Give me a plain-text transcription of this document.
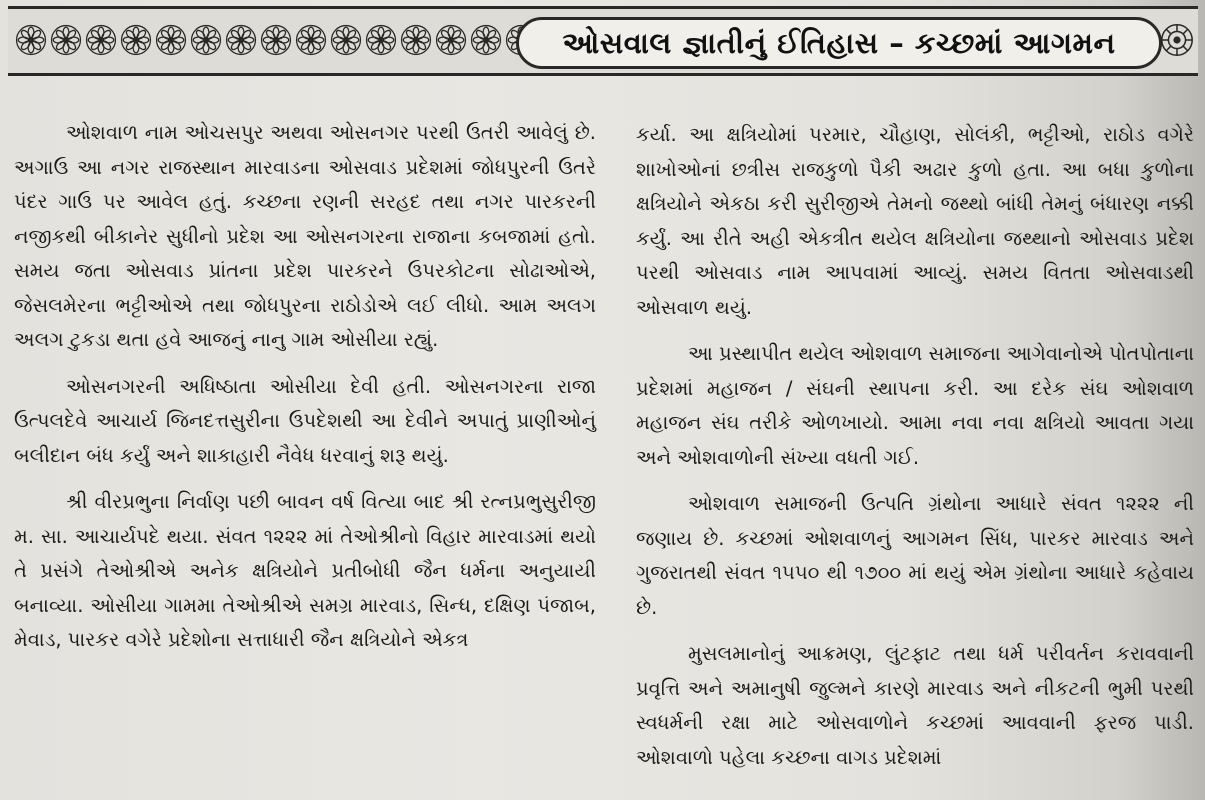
ઓસવાલ જ્ઞાતીનું ઈતિહાસ – કચ્છમાં આગમન

ઓશવાળ નામ ઓચસપુર અથવા ઓસનગર પરથી ઉતરી આવેલું છે. અગાઉ આ નગર રાજસ્થાન મારવાડના ઓસવાડ પ્રદેશમાં જોધપુરની ઉતરે પંદર ગાઉ પર આવેલ હતું. કચ્છના રણની સરહદ તથા નગર પારકરની નજીકથી બીકાનેર સુધીનો પ્રદેશ આ ઓસનગરના રાજાના કબજામાં હતો. સમય જતા ઓસવાડ પ્રાંતના પ્રદેશ પારકરને ઉપરકોટના સોઢાઓએ, જેસલમેરના ભટ્ટીઓએ તથા જોધપુરના રાઠોડોએ લઈ લીધો. આમ અલગ અલગ ટુકડા થતા હવે આજનું નાનુ ગામ ઓસીયા રહ્યું.

ઓસનગરની અધિષ્ઠાતા ઓસીયા દેવી હતી. ઓસનગરના રાજા ઉત્પલદેવે આચાર્ય જિનદત્તસુરીના ઉપદેશથી આ દેવીને અપાતું પ્રાણીઓનું બલીદાન બંધ કર્યું અને શાકાહારી નૈવેધ ધરવાનું શરૂ થયું.

શ્રી વીરપ્રભુના નિર્વાણ પછી બાવન વર્ષ વિત્યા બાદ શ્રી રત્નપ્રભુસુરીજી મ. સા. આચાર્યપદે થયા. સંવત ૧૨૨૨ માં તેઓશ્રીનો વિહાર મારવાડમાં થયો તે પ્રસંગે તેઓશ્રીએ અનેક ક્ષત્રિયોને પ્રતીબોધી જૈન ધર્મના અનુયાયી બનાવ્યા. ઓસીયા ગામમા તેઓશ્રીએ સમગ્ર મારવાડ, સિન્ધ, દક્ષિણ પંજાબ, મેવાડ, પારકર વગેરે પ્રદેશોના સત્તાધારી જૈન ક્ષત્રિયોને એકત્ર

કર્યા. આ ક્ષત્રિયોમાં પરમાર, ચૌહાણ, સોલંકી, ભટ્ટીઓ, રાઠોડ વગેરે શાખોઓનાં છત્રીસ રાજકુળો પૈકી અઢાર કુળો હતા. આ બધા કુળોના ક્ષત્રિયોને એકઠા કરી સુરીજીએ તેમનો જથ્થો બાંધી તેમનું બંધારણ નક્કી કર્યું. આ રીતે અહી એકત્રીત થયેલ ક્ષત્રિયોના જથ્થાનો ઓસવાડ પ્રદેશ પરથી ઓસવાડ નામ આપવામાં આવ્યું. સમય વિતતા ઓસવાડથી ઓસવાળ થયું.

આ પ્રસ્થાપીત થયેલ ઓશવાળ સમાજના આગેવાનોએ પોતપોતાના પ્રદેશમાં મહાજન / સંઘની સ્થાપના કરી. આ દરેક સંઘ ઓશવાળ મહાજન સંઘ તરીકે ઓળખાયો. આમા નવા નવા ક્ષત્રિયો આવતા ગયા અને ઓશવાળોની સંખ્યા વધતી ગઈ.

ઓશવાળ સમાજની ઉત્પતિ ગ્રંથોના આધારે સંવત ૧૨૨૨ ની જણાય છે. કચ્છમાં ઓશવાળનું આગમન સિંધ, પારકર મારવાડ અને ગુજરાતથી સંવત ૧૫૫૦ થી ૧૭૦૦ માં થયું એમ ગ્રંથોના આધારે કહેવાય છે.

મુસલમાનોનું આક્રમણ, લુંટફાટ તથા ધર્મ પરીવર્તન કરાવવાની પ્રવૃત્તિ અને અમાનુષી જુલ્મને કારણે મારવાડ અને નીકટની ભુમી પરથી સ્વધર્મની રક્ષા માટે ઓસવાળોને કચ્છમાં આવવાની ફરજ પાડી. ઓશવાળો પહેલા કચ્છના વાગડ પ્રદેશમાં
